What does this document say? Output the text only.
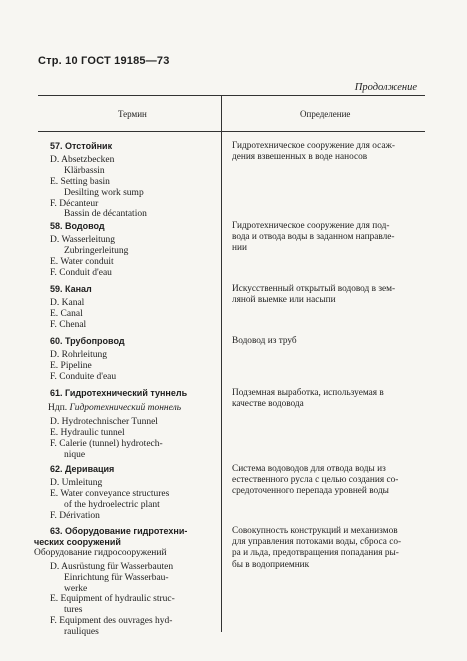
Стр. 10 ГОСТ 19185—73
Продолжение
Термин	Определение
57. Отстойник
D. Absetzbecken
Klärbassin
E. Setting basin
Desilting work sump
F. Décanteur
Bassin de décantation
Гидротехническое сооружение для осаж-
дения взвешенных в воде наносов
58. Водовод
D. Wasserleitung
Zubringerleitung
E. Water conduit
F. Conduit d'eau
Гидротехническое сооружение для под-
вода и отвода воды в заданном направле-
нии
59. Канал
D. Kanal
E. Canal
F. Chenal
Искусственный открытый водовод в зем-
ляной выемке или насыпи
60. Трубопровод
D. Rohrleitung
E. Pipeline
F. Conduite d'eau
Водовод из труб
61. Гидротехнический туннель
Ндп. Гидротехнический тоннель
D. Hydrotechnischer Tunnel
E. Hydraulic tunnel
F. Calerie (tunnel) hydrotech-
nique
Подземная выработка, используемая в
качестве водовода
62. Деривация
D. Umleitung
E. Water conveyance structures
of the hydroelectric plant
F. Dérivation
Система водоводов для отвода воды из
естественного русла с целью создания со-
средоточенного перепада уровней воды
63. Оборудование гидротехни-
ческих сооружений
Оборудование гидросооружений
D. Ausrüstung für Wasserbauten
Einrichtung für Wasserbau-
werke
E. Equipment of hydraulic struc-
tures
F. Equipment des ouvrages hyd-
rauliques
Совокупность конструкций и механизмов
для управления потоками воды, сброса со-
ра и льда, предотвращения попадания ры-
бы в водоприемник
